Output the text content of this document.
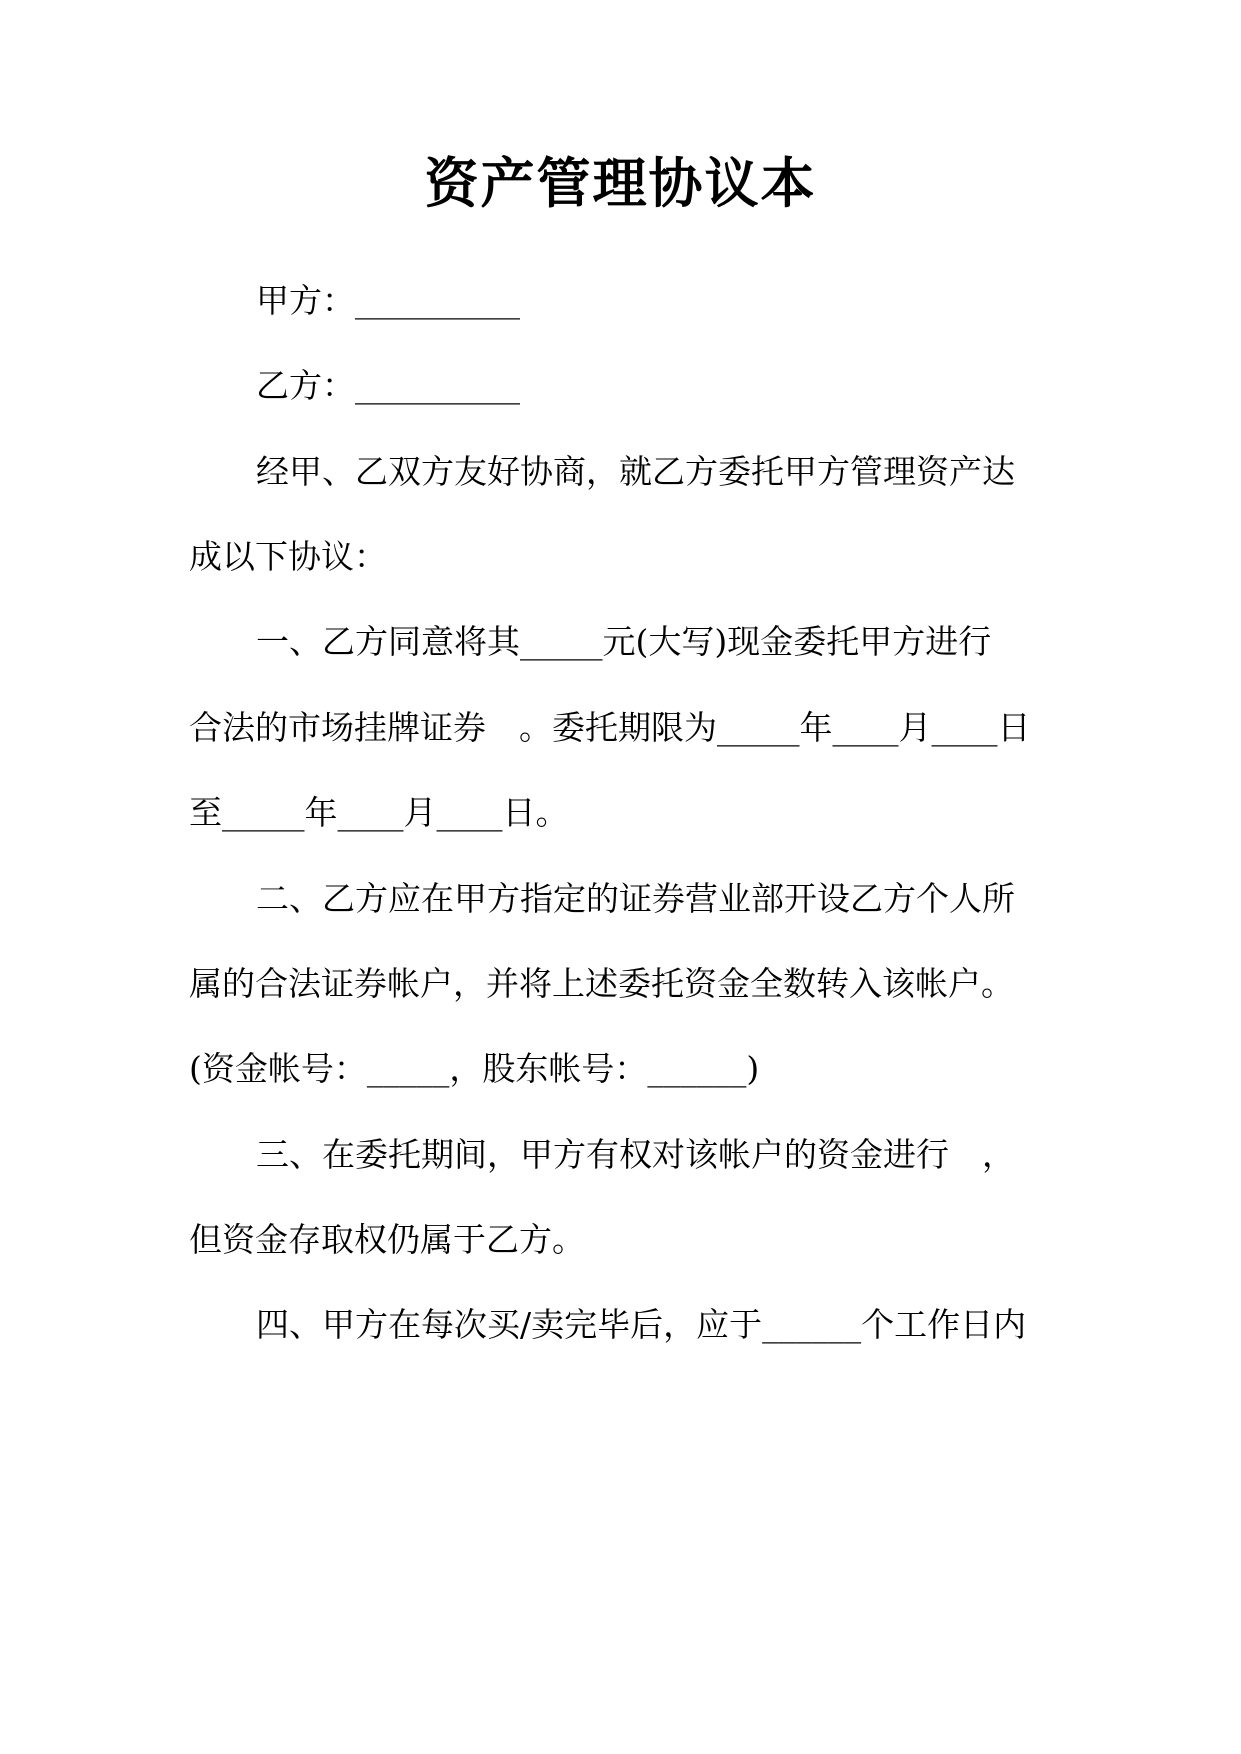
资产管理协议本
甲方：__________
乙方：__________
经甲、乙双方友好协商，就乙方委托甲方管理资产达
成以下协议：
一、乙方同意将其_____元(大写)现金委托甲方进行
合法的市场挂牌证券　。委托期限为_____年____月____日
至_____年____月____日。
二、乙方应在甲方指定的证券营业部开设乙方个人所
属的合法证券帐户，并将上述委托资金全数转入该帐户。
(资金帐号：_____，股东帐号：______)
三、在委托期间，甲方有权对该帐户的资金进行　，
但资金存取权仍属于乙方。
四、甲方在每次买/卖完毕后，应于______个工作日内
